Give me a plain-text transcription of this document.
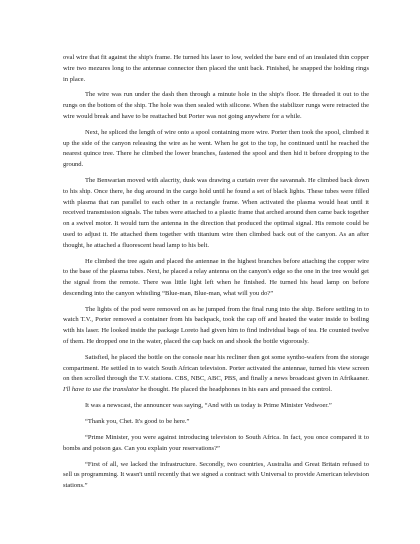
oval wire that fit against the ship's frame. He turned his laser to low, welded the bare end of an insulated thin copper wire two mezures long to the antennae connector then placed the unit back. Finished, he snapped the holding rings in place.

The wire was run under the dash then through a minute hole in the ship's floor. He threaded it out to the rungs on the bottom of the ship. The hole was then sealed with silicone. When the stabilizer rungs were retracted the wire would break and have to be reattached but Porter was not going anywhere for a while.

Next, he spliced the length of wire onto a spool containing more wire. Porter then took the spool, climbed it up the side of the canyon releasing the wire as he went. When he got to the top, he continued until he reached the nearest quince tree. There he climbed the lower branches, fastened the spool and then hid it before dropping to the ground.

The Benwarian moved with alacrity, dusk was drawing a curtain over the savannah. He climbed back down to his ship. Once there, he dug around in the cargo hold until he found a set of black lights. These tubes were filled with plasma that ran parallel to each other in a rectangle frame. When activated the plasma would heat until it received transmission signals. The tubes were attached to a plastic frame that arched around then came back together on a swivel motor. It would turn the antenna in the direction that produced the optimal signal. His remote could be used to adjust it. He attached them together with titanium wire then climbed back out of the canyon. As an after thought, he attached a fluorescent head lamp to his belt.

He climbed the tree again and placed the antennae in the highest branches before attaching the copper wire to the base of the plasma tubes. Next, he placed a relay antenna on the canyon's edge so the one in the tree would get the signal from the remote. There was little light left when he finished. He turned his head lamp on before descending into the canyon whistling “Blue-man, Blue-man, what will you do?”

The lights of the pod were removed on as he jumped from the final rung into the ship. Before settling in to watch T.V., Porter removed a container from his backpack, took the cap off and heated the water inside to boiling with his laser. He looked inside the package Loreto had given him to find individual bags of tea. He counted twelve of them. He dropped one in the water, placed the cap back on and shook the bottle vigorously.

Satisfied, he placed the bottle on the console near his recliner then got some syntho-wafers from the storage compartment. He settled in to watch South African television. Porter activated the antennae, turned his view screen on then scrolled through the T.V. stations. CBS, NBC, ABC, PBS, and finally a news broadcast given in Afrikaaner. I'll have to use the translator he thought. He placed the headphones in his ears and pressed the control.

It was a newscast, the announcer was saying, “And with us today is Prime Minister Vedwoer.”

“Thank you, Chet. It's good to be here.”

“Prime Minister, you were against introducing television to South Africa. In fact, you once compared it to bombs and poison gas. Can you explain your reservations?”

“First of all, we lacked the infrastructure. Secondly, two countries, Australia and Great Britain refused to sell us programming. It wasn't until recently that we signed a contract with Universal to provide American television stations.”
